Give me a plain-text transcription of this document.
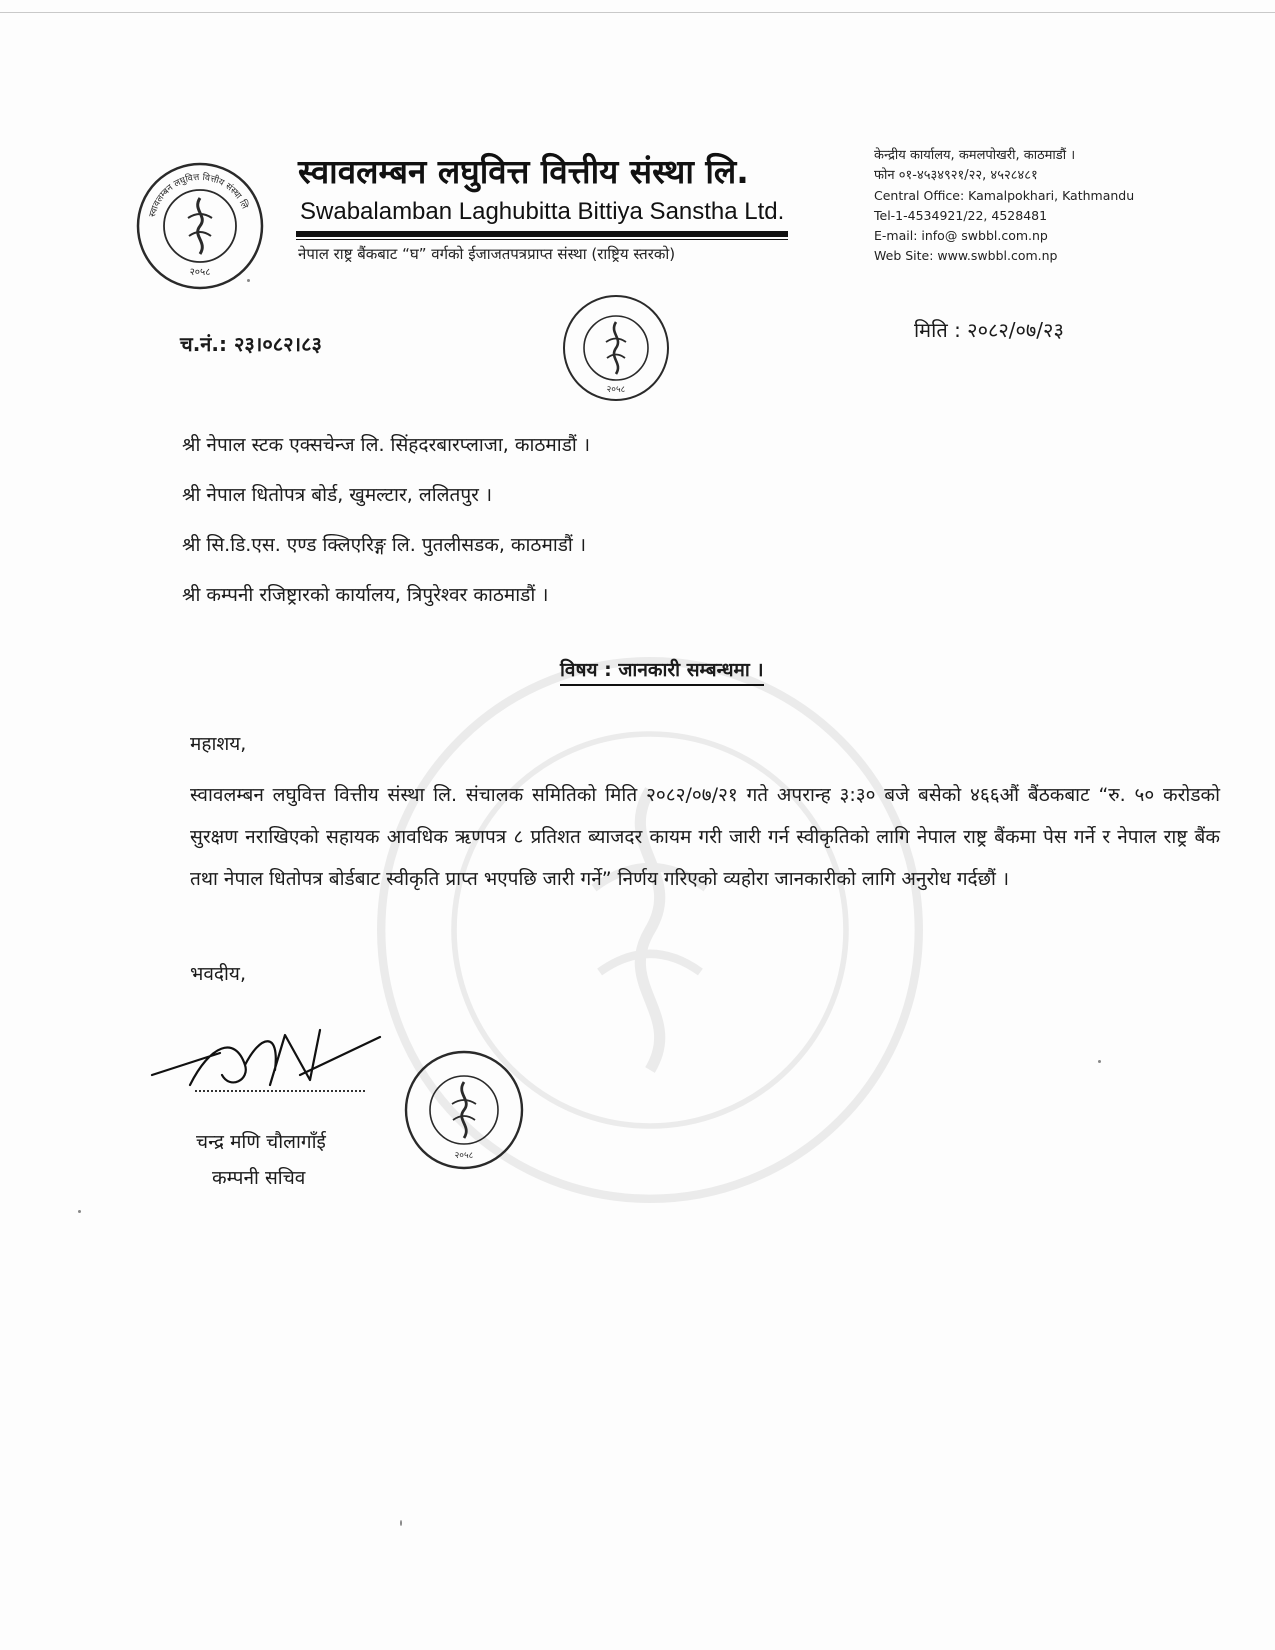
स्वावलम्बन लघुवित्त वित्तीय संस्था लि
२०५८
स्वावलम्बन लघुवित्त वित्तीय संस्था लि.
Swabalamban Laghubitta Bittiya Sanstha Ltd.
नेपाल राष्ट्र बैंकबाट “घ” वर्गको ईजाजतपत्रप्राप्त संस्था (राष्ट्रिय स्तरको)
केन्द्रीय कार्यालय, कमलपोखरी, काठमाडौं ।
फोन ०१-४५३४९२१/२२, ४५२८४८१
Central Office: Kamalpokhari, Kathmandu
Tel-1-4534921/22, 4528481
E-mail: info@ swbbl.com.np
Web Site: www.swbbl.com.np
च.नं.: २३।०८२।८३
२०५८
मिति : २०८२/०७/२३
श्री नेपाल स्टक एक्सचेन्ज लि. सिंहदरबारप्लाजा, काठमाडौं ।
श्री नेपाल धितोपत्र बोर्ड, खुमल्टार, ललितपुर ।
श्री सि.डि.एस. एण्ड क्लिएरिङ्ग लि. पुतलीसडक, काठमाडौं ।
श्री कम्पनी रजिष्ट्रारको कार्यालय, त्रिपुरेश्वर काठमाडौं ।
विषय : जानकारी सम्बन्धमा ।
महाशय,
स्वावलम्बन लघुवित्त वित्तीय संस्था लि. संचालक समितिको मिति २०८२/०७/२१ गते अपरान्ह ३:३० बजे बसेको ४६६औं बैंठकबाट “रु. ५० करोडको सुरक्षण नराखिएको सहायक आवधिक ऋणपत्र ८ प्रतिशत ब्याजदर कायम गरी जारी गर्न स्वीकृतिको लागि नेपाल राष्ट्र बैंकमा पेस गर्ने र नेपाल राष्ट्र बैंक तथा नेपाल धितोपत्र बोर्डबाट स्वीकृति प्राप्त भएपछि जारी गर्ने” निर्णय गरिएको व्यहोरा जानकारीको लागि अनुरोध गर्दछौं ।
भवदीय,
चन्द्र मणि चौलागाँई
कम्पनी सचिव
२०५८
